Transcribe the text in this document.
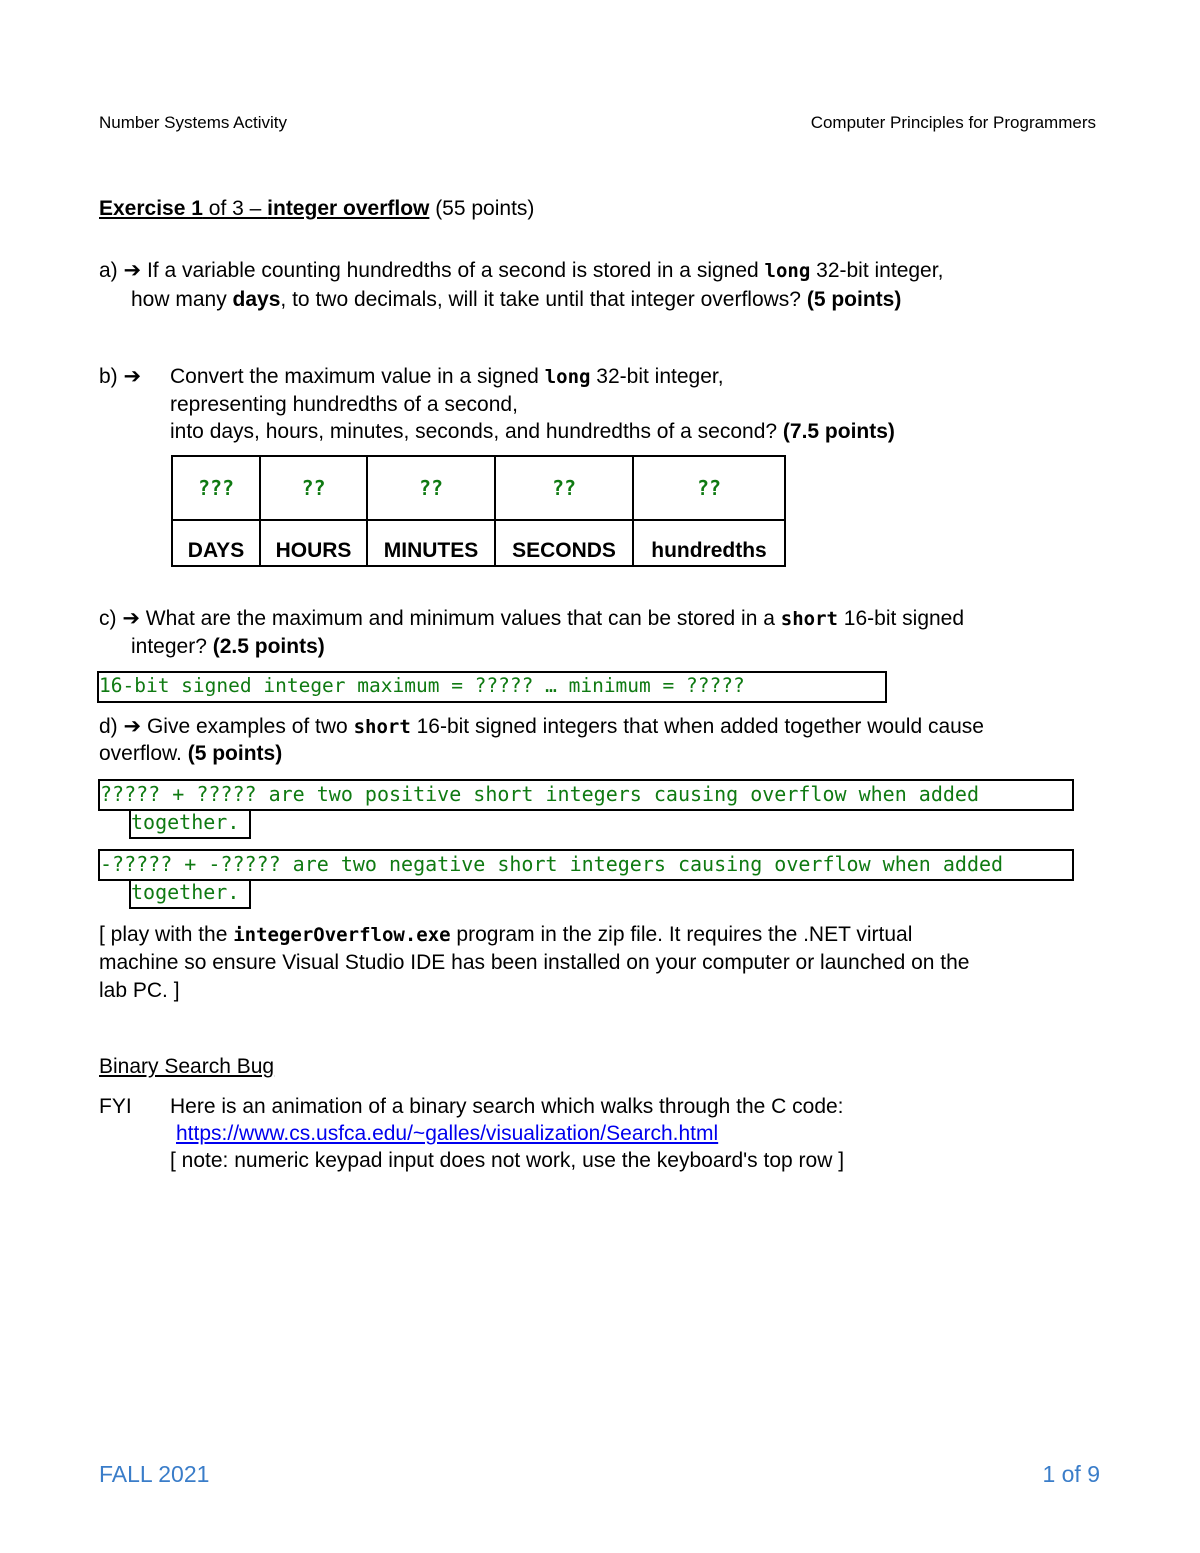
Number Systems Activity	Computer Principles for Programmers
Exercise 1 of 3 – integer overflow (55 points)
a) ➔ If a variable counting hundredths of a second is stored in a signed long 32-bit integer,
how many days, to two decimals, will it take until that integer overflows? (5 points)
b) ➔ Convert the maximum value in a signed long 32-bit integer,
representing hundredths of a second,
into days, hours, minutes, seconds, and hundredths of a second? (7.5 points)
???	??	??	??	??
DAYS	HOURS	MINUTES	SECONDS	hundredths
c) ➔ What are the maximum and minimum values that can be stored in a short 16-bit signed
integer? (2.5 points)
16-bit signed integer maximum = ????? … minimum = ?????
d) ➔ Give examples of two short 16-bit signed integers that when added together would cause
overflow. (5 points)
????? + ????? are two positive short integers causing overflow when added
together.
-????? + -????? are two negative short integers causing overflow when added
together.
[ play with the integerOverflow.exe program in the zip file. It requires the .NET virtual
machine so ensure Visual Studio IDE has been installed on your computer or launched on the
lab PC. ]
Binary Search Bug
FYI Here is an animation of a binary search which walks through the C code:
https://www.cs.usfca.edu/~galles/visualization/Search.html
[ note: numeric keypad input does not work, use the keyboard's top row ]
FALL 2021	1 of 9
